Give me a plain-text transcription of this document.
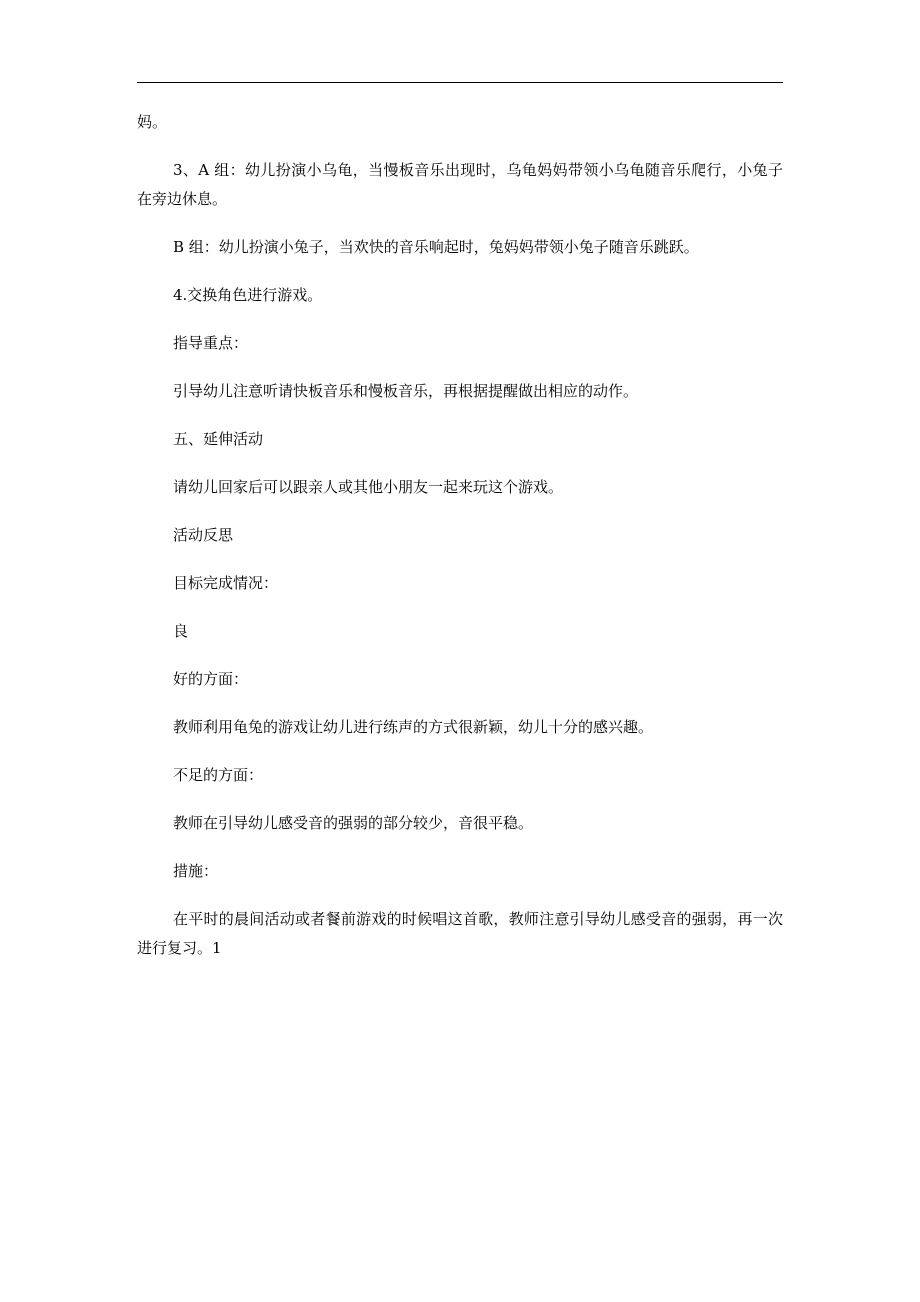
妈。

3、A 组：幼儿扮演小乌龟，当慢板音乐出现时，乌龟妈妈带领小乌龟随音乐爬行，小兔子在旁边休息。

B 组：幼儿扮演小兔子，当欢快的音乐响起时，兔妈妈带领小兔子随音乐跳跃。

4.交换角色进行游戏。

指导重点：

引导幼儿注意听请快板音乐和慢板音乐，再根据提醒做出相应的动作。

五、延伸活动

请幼儿回家后可以跟亲人或其他小朋友一起来玩这个游戏。

活动反思

目标完成情况：

良

好的方面：

教师利用龟兔的游戏让幼儿进行练声的方式很新颖，幼儿十分的感兴趣。

不足的方面：

教师在引导幼儿感受音的强弱的部分较少，音很平稳。

措施：

在平时的晨间活动或者餐前游戏的时候唱这首歌，教师注意引导幼儿感受音的强弱，再一次进行复习。1
